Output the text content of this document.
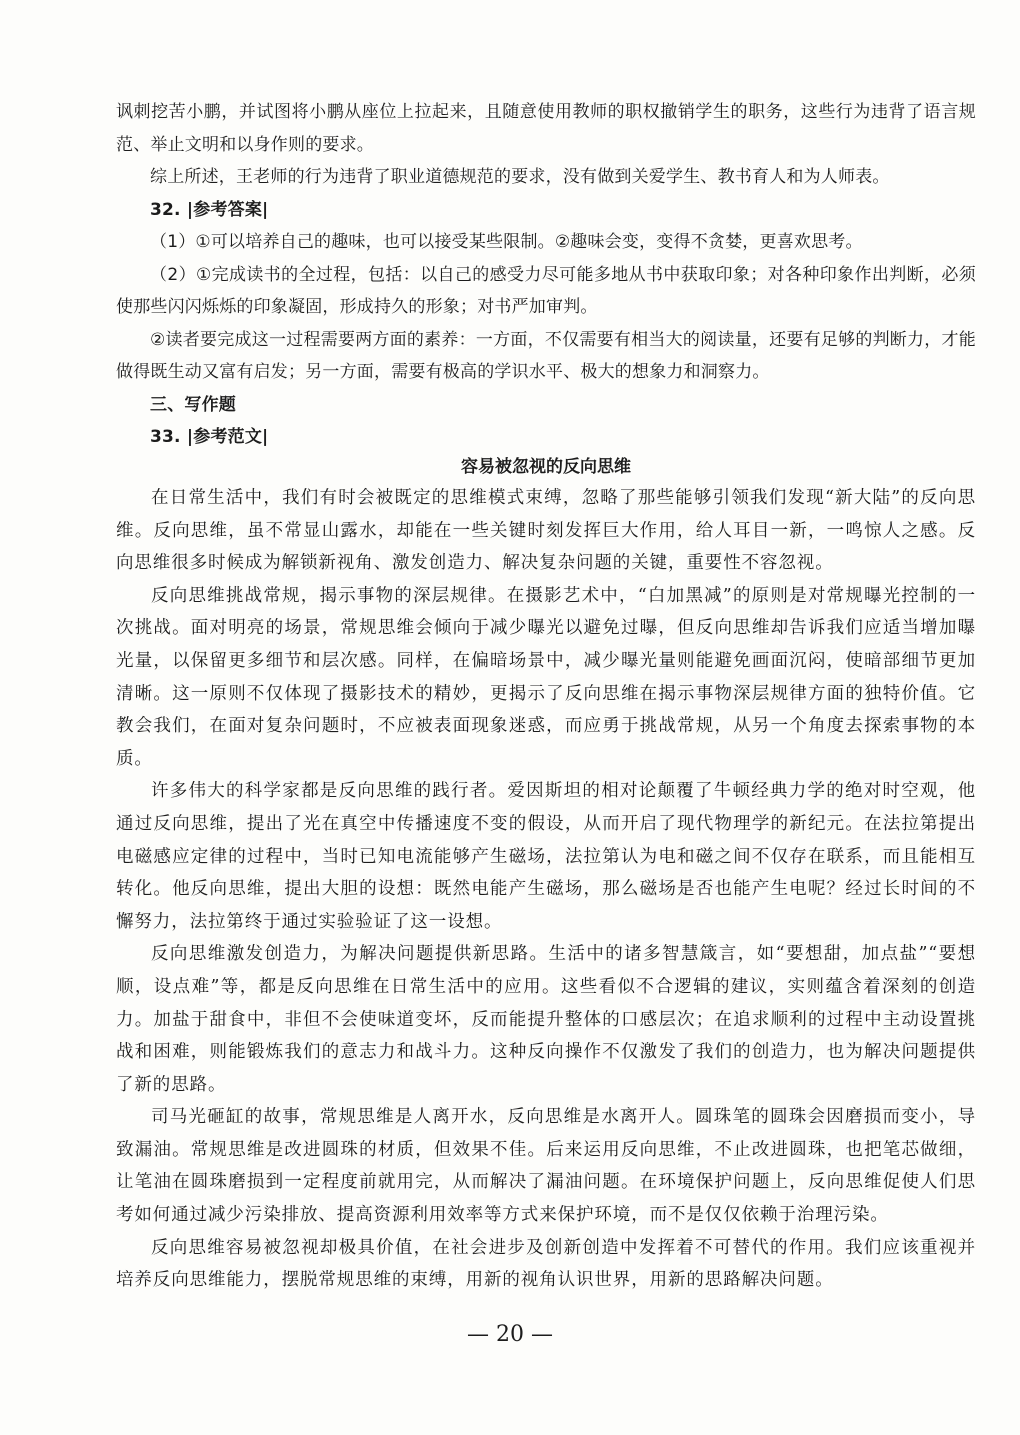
讽刺挖苦小鹏，并试图将小鹏从座位上拉起来，且随意使用教师的职权撤销学生的职务，这些行为违背了语言规范、举止文明和以身作则的要求。

综上所述，王老师的行为违背了职业道德规范的要求，没有做到关爱学生、教书育人和为人师表。

32. |参考答案|

（1）①可以培养自己的趣味，也可以接受某些限制。②趣味会变，变得不贪婪，更喜欢思考。

（2）①完成读书的全过程，包括：以自己的感受力尽可能多地从书中获取印象；对各种印象作出判断，必须使那些闪闪烁烁的印象凝固，形成持久的形象；对书严加审判。

②读者要完成这一过程需要两方面的素养：一方面，不仅需要有相当大的阅读量，还要有足够的判断力，才能做得既生动又富有启发；另一方面，需要有极高的学识水平、极大的想象力和洞察力。

三、写作题

33. |参考范文|

容易被忽视的反向思维

在日常生活中，我们有时会被既定的思维模式束缚，忽略了那些能够引领我们发现“新大陆”的反向思维。反向思维，虽不常显山露水，却能在一些关键时刻发挥巨大作用，给人耳目一新，一鸣惊人之感。反向思维很多时候成为解锁新视角、激发创造力、解决复杂问题的关键，重要性不容忽视。

反向思维挑战常规，揭示事物的深层规律。在摄影艺术中，“白加黑减”的原则是对常规曝光控制的一次挑战。面对明亮的场景，常规思维会倾向于减少曝光以避免过曝，但反向思维却告诉我们应适当增加曝光量，以保留更多细节和层次感。同样，在偏暗场景中，减少曝光量则能避免画面沉闷，使暗部细节更加清晰。这一原则不仅体现了摄影技术的精妙，更揭示了反向思维在揭示事物深层规律方面的独特价值。它教会我们，在面对复杂问题时，不应被表面现象迷惑，而应勇于挑战常规，从另一个角度去探索事物的本质。

许多伟大的科学家都是反向思维的践行者。爱因斯坦的相对论颠覆了牛顿经典力学的绝对时空观，他通过反向思维，提出了光在真空中传播速度不变的假设，从而开启了现代物理学的新纪元。在法拉第提出电磁感应定律的过程中，当时已知电流能够产生磁场，法拉第认为电和磁之间不仅存在联系，而且能相互转化。他反向思维，提出大胆的设想：既然电能产生磁场，那么磁场是否也能产生电呢？经过长时间的不懈努力，法拉第终于通过实验验证了这一设想。

反向思维激发创造力，为解决问题提供新思路。生活中的诸多智慧箴言，如“要想甜，加点盐”“要想顺，设点难”等，都是反向思维在日常生活中的应用。这些看似不合逻辑的建议，实则蕴含着深刻的创造力。加盐于甜食中，非但不会使味道变坏，反而能提升整体的口感层次；在追求顺利的过程中主动设置挑战和困难，则能锻炼我们的意志力和战斗力。这种反向操作不仅激发了我们的创造力，也为解决问题提供了新的思路。

司马光砸缸的故事，常规思维是人离开水，反向思维是水离开人。圆珠笔的圆珠会因磨损而变小，导致漏油。常规思维是改进圆珠的材质，但效果不佳。后来运用反向思维，不止改进圆珠，也把笔芯做细，让笔油在圆珠磨损到一定程度前就用完，从而解决了漏油问题。在环境保护问题上，反向思维促使人们思考如何通过减少污染排放、提高资源利用效率等方式来保护环境，而不是仅仅依赖于治理污染。

反向思维容易被忽视却极具价值，在社会进步及创新创造中发挥着不可替代的作用。我们应该重视并培养反向思维能力，摆脱常规思维的束缚，用新的视角认识世界，用新的思路解决问题。

— 20 —
